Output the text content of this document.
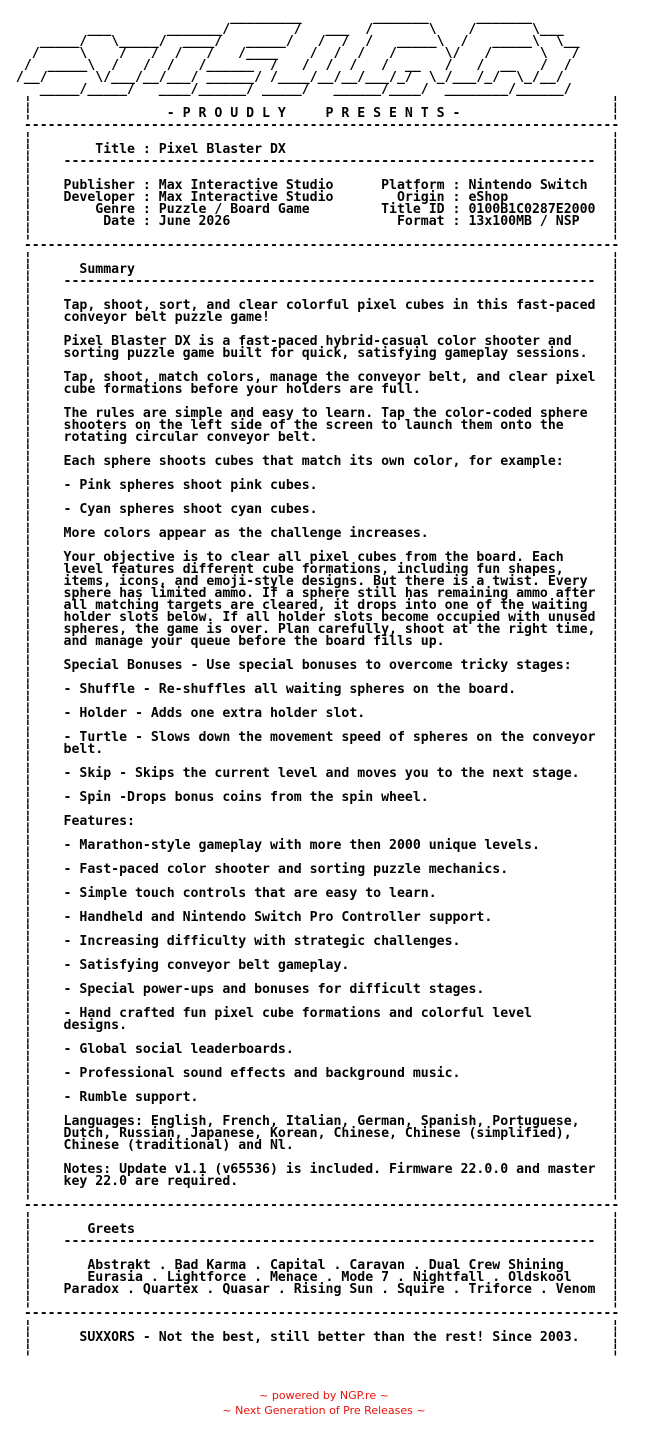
_________         _______      _______
___       _______/        /   ___  /       \    /       \___
_____/   \_____/  ____/   _____/   /  /  /   _____\  /   _____\  \__
/     \    /   /  /   /   /____    /  /  /   /      \/   /      \   /
/  _____\  /   /  /   /______  /   /  /  /   /  __   /   /  __   /  /
/__/      \/___/__/___/ ______/ /____/__/__/___/_/  \_/___/_/  \_/__/
_____/_____/   ____/______/ _____/   ______/____/  ________/______/
¦	¦
¦                 - P R O U D L Y     P R E S E N T S -                   ¦
---------------------------------------------------------------------------
¦	¦
¦        Title : Pixel Blaster DX                                         ¦
¦    -------------------------------------------------------------------  ¦
¦	¦
¦    Publisher : Max Interactive Studio      Platform : Nintendo Switch   ¦
¦    Developer : Max Interactive Studio        Origin : eShop             ¦
¦        Genre : Puzzle / Board Game         Title ID : 0100B1C0287E2000  ¦
¦         Date : June 2026                     Format : 13x100MB / NSP    ¦
¦	¦
---------------------------------------------------------------------------
¦	¦
¦      Summary                                                            ¦
¦    -------------------------------------------------------------------  ¦
¦	¦
¦    Tap, shoot, sort, and clear colorful pixel cubes in this fast-paced  ¦
¦    conveyor belt puzzle game!                                           ¦
¦	¦
¦    Pixel Blaster DX is a fast-paced hybrid-casual color shooter and     ¦
¦    sorting puzzle game built for quick, satisfying gameplay sessions.   ¦
¦	¦
¦    Tap, shoot, match colors, manage the conveyor belt, and clear pixel  ¦
¦    cube formations before your holders are full.                        ¦
¦	¦
¦    The rules are simple and easy to learn. Tap the color-coded sphere   ¦
¦    shooters on the left side of the screen to launch them onto the      ¦
¦    rotating circular conveyor belt.                                     ¦
¦	¦
¦    Each sphere shoots cubes that match its own color, for example:      ¦
¦	¦
¦    - Pink spheres shoot pink cubes.                                     ¦
¦	¦
¦    - Cyan spheres shoot cyan cubes.                                     ¦
¦	¦
¦    More colors appear as the challenge increases.                       ¦
¦	¦
¦    Your objective is to clear all pixel cubes from the board. Each      ¦
¦    level features different cube formations, including fun shapes,      ¦
¦    items, icons, and emoji-style designs. But there is a twist. Every   ¦
¦    sphere has limited ammo. If a sphere still has remaining ammo after  ¦
¦    all matching targets are cleared, it drops into one of the waiting   ¦
¦    holder slots below. If all holder slots become occupied with unused  ¦
¦    spheres, the game is over. Plan carefully, shoot at the right time,  ¦
¦    and manage your queue before the board fills up.                     ¦
¦	¦
¦    Special Bonuses - Use special bonuses to overcome tricky stages:     ¦
¦	¦
¦    - Shuffle - Re-shuffles all waiting spheres on the board.            ¦
¦	¦
¦    - Holder - Adds one extra holder slot.                               ¦
¦	¦
¦    - Turtle - Slows down the movement speed of spheres on the conveyor  ¦
¦    belt.                                                                ¦
¦	¦
¦    - Skip - Skips the current level and moves you to the next stage.    ¦
¦	¦
¦    - Spin -Drops bonus coins from the spin wheel.                       ¦
¦	¦
¦    Features:                                                            ¦
¦	¦
¦    - Marathon-style gameplay with more then 2000 unique levels.         ¦
¦	¦
¦    - Fast-paced color shooter and sorting puzzle mechanics.             ¦
¦	¦
¦    - Simple touch controls that are easy to learn.                      ¦
¦	¦
¦    - Handheld and Nintendo Switch Pro Controller support.               ¦
¦	¦
¦    - Increasing difficulty with strategic challenges.                   ¦
¦	¦
¦    - Satisfying conveyor belt gameplay.                                 ¦
¦	¦
¦    - Special power-ups and bonuses for difficult stages.                ¦
¦	¦
¦    - Hand crafted fun pixel cube formations and colorful level          ¦
¦    designs.                                                             ¦
¦	¦
¦    - Global social leaderboards.                                        ¦
¦	¦
¦    - Professional sound effects and background music.                   ¦
¦	¦
¦    - Rumble support.                                                    ¦
¦	¦
¦    Languages: English, French, Italian, German, Spanish, Portuguese,    ¦
¦    Dutch, Russian, Japanese, Korean, Chinese, Chinese (simplified),     ¦
¦    Chinese (traditional) and Nl.                                        ¦
¦	¦
¦    Notes: Update v1.1 (v65536) is included. Firmware 22.0.0 and master  ¦
¦    key 22.0 are required.                                               ¦
¦	¦
---------------------------------------------------------------------------
¦	¦
¦       Greets                                                            ¦
¦    -------------------------------------------------------------------  ¦
¦	¦
¦       Abstrakt . Bad Karma . Capital . Caravan . Dual Crew Shining      ¦
¦       Eurasia . Lightforce . Menace . Mode 7 . Nightfall . Oldskool     ¦
¦    Paradox . Quartex . Quasar . Rising Sun . Squire . Triforce . Venom  ¦
¦	¦
---------------------------------------------------------------------------
¦	¦
¦      SUXXORS - Not the best, still better than the rest! Since 2003.    ¦
¦	¦
~ powered by NGP.re ~
~ Next Generation of Pre Releases ~
